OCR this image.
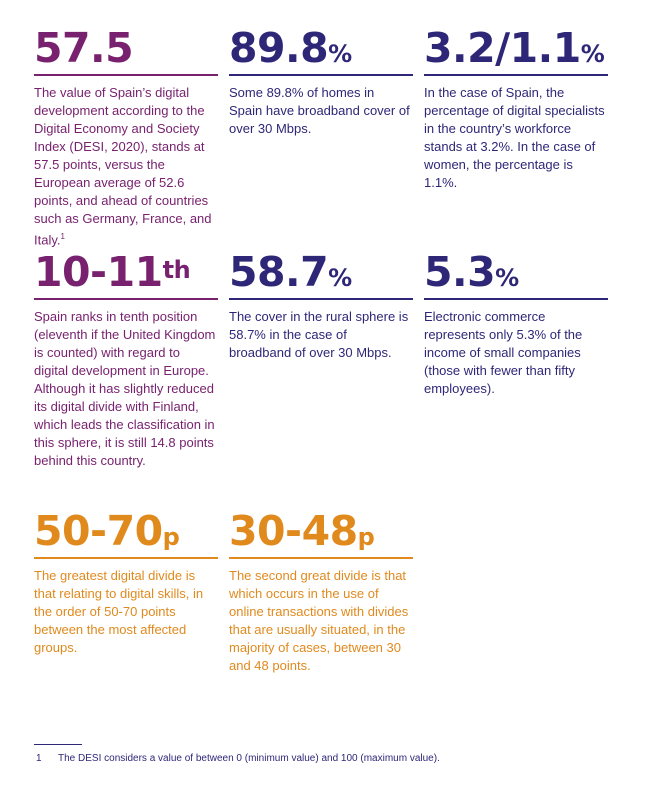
57.5
The value of Spain’s digital development according to the Digital Economy and Society Index (DESI, 2020), stands at 57.5 points, versus the European average of 52.6 points, and ahead of countries such as Germany, France, and Italy.$^1$
89.8%
Some 89.8% of homes in Spain have broadband cover of over 30 Mbps.
3.2/1.1%
In the case of Spain, the percentage of digital specialists in the country’s workforce stands at 3.2%. In the case of women, the percentage is 1.1%.
10-11th
Spain ranks in tenth position (eleventh if the United Kingdom is counted) with regard to digital development in Europe. Although it has slightly reduced its digital divide with Finland, which leads the classification in this sphere, it is still 14.8 points behind this country.
58.7%
The cover in the rural sphere is 58.7% in the case of broadband of over 30 Mbps.
5.3%
Electronic commerce represents only 5.3% of the income of small companies (those with fewer than fifty employees).
50-70p
The greatest digital divide is that relating to digital skills, in the order of 50-70 points between the most affected groups.
30-48p
The second great divide is that which occurs in the use of online transactions with divides that are usually situated, in the majority of cases, between 30 and 48 points.
1 The DESI considers a value of between 0 (minimum value) and 100 (maximum value).
